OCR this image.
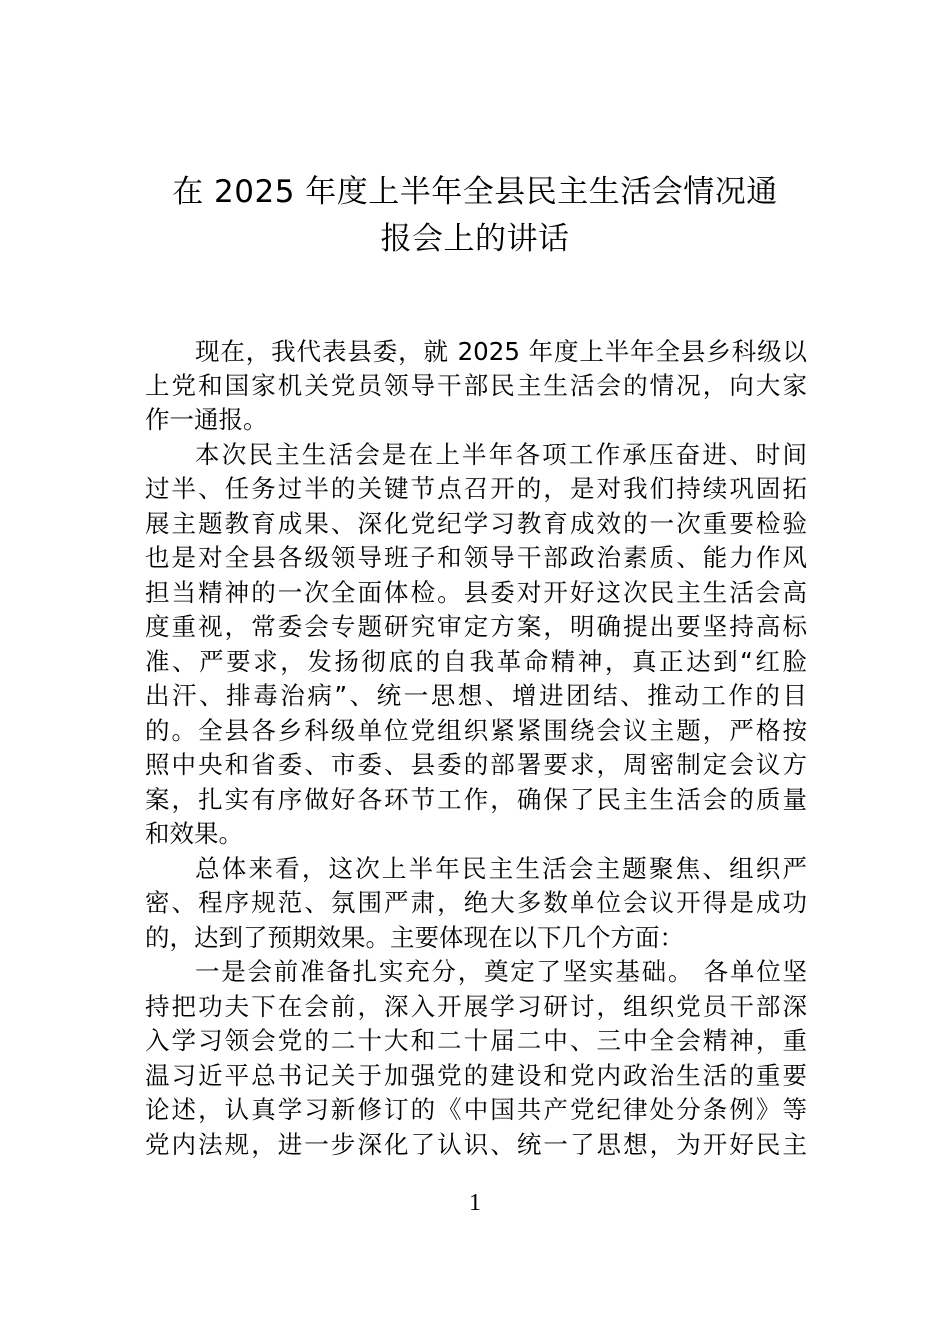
在 2025 年度上半年全县民主生活会情况通
报会上的讲话
现在，我代表县委，就 2025 年度上半年全县乡科级以
上党和国家机关党员领导干部民主生活会的情况，向大家
作一通报。
本次民主生活会是在上半年各项工作承压奋进、时间
过半、任务过半的关键节点召开的，是对我们持续巩固拓
展主题教育成果、深化党纪学习教育成效的一次重要检验
也是对全县各级领导班子和领导干部政治素质、能力作风
担当精神的一次全面体检。县委对开好这次民主生活会高
度重视，常委会专题研究审定方案，明确提出要坚持高标
准、严要求，发扬彻底的自我革命精神，真正达到“红脸
出汗、排毒治病”、统一思想、增进团结、推动工作的目
的。全县各乡科级单位党组织紧紧围绕会议主题，严格按
照中央和省委、市委、县委的部署要求，周密制定会议方
案，扎实有序做好各环节工作，确保了民主生活会的质量
和效果。
总体来看，这次上半年民主生活会主题聚焦、组织严
密、程序规范、氛围严肃，绝大多数单位会议开得是成功
的，达到了预期效果。主要体现在以下几个方面：
一是会前准备扎实充分，奠定了坚实基础。 各单位坚
持把功夫下在会前，深入开展学习研讨，组织党员干部深
入学习领会党的二十大和二十届二中、三中全会精神，重
温习近平总书记关于加强党的建设和党内政治生活的重要
论述，认真学习新修订的《中国共产党纪律处分条例》等
党内法规，进一步深化了认识、统一了思想，为开好民主
1
